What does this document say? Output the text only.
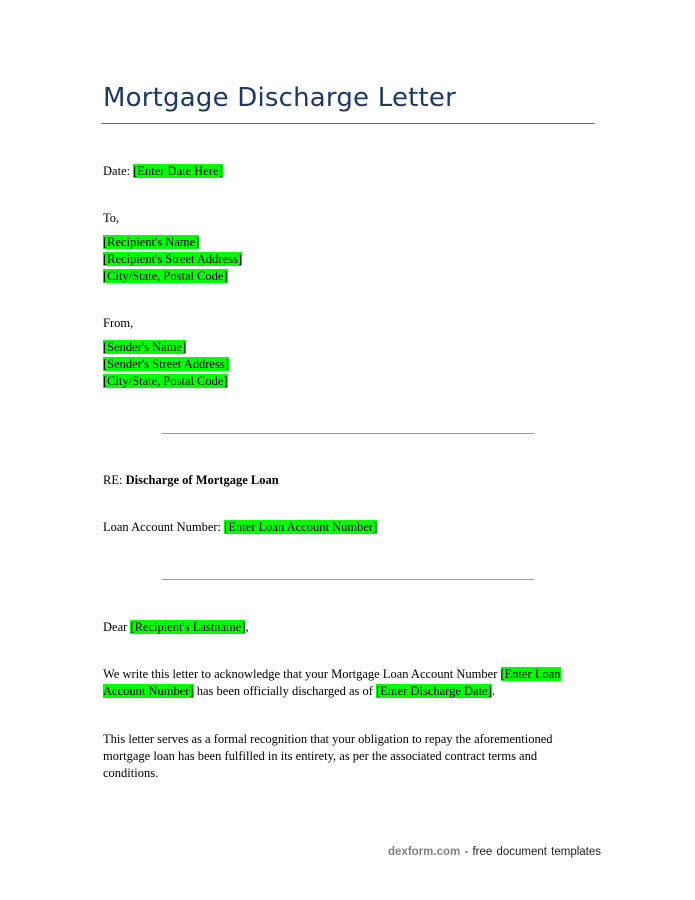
Mortgage Discharge Letter
Date: [Enter Date Here]
To,
[Recipient's Name]
[Recipient's Street Address]
[City/State, Postal Code]
From,
[Sender's Name]
[Sender's Street Address]
[City/State, Postal Code]
RE: Discharge of Mortgage Loan
Loan Account Number: [Enter Loan Account Number]
Dear [Recipient's Lastname],
We write this letter to acknowledge that your Mortgage Loan Account Number [Enter Loan
Account Number] has been officially discharged as of [Enter Discharge Date].
This letter serves as a formal recognition that your obligation to repay the aforementioned
mortgage loan has been fulfilled in its entirety, as per the associated contract terms and
conditions.
dexform.com - free document templates
